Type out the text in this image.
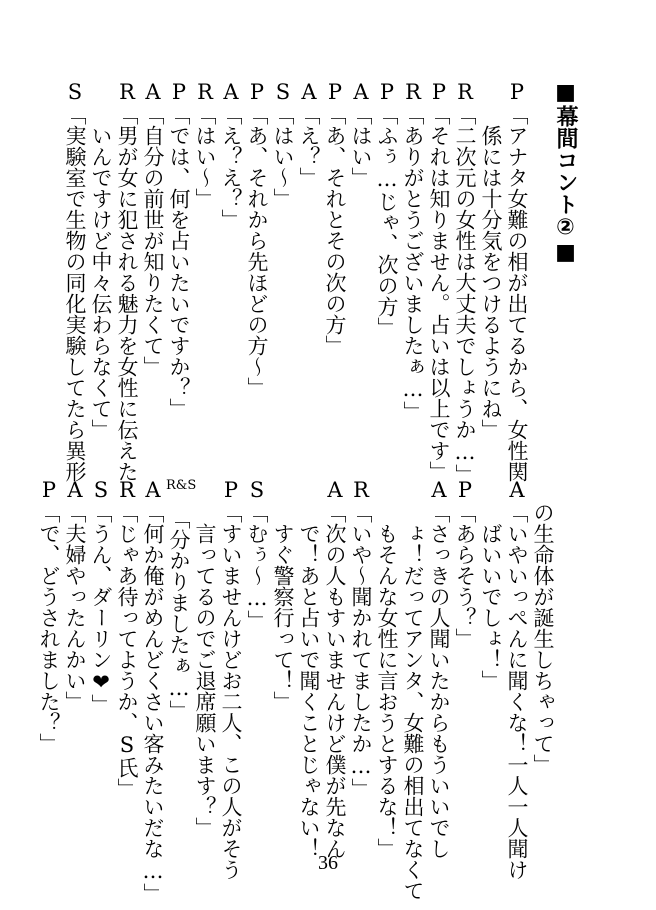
■幕間コント②■
P
「アナタ女難の相が出てるから、女性関
係には十分気をつけるようにね」
R
「二次元の女性は大丈夫でしょうか…」
P
「それは知りません。占いは以上です」
R
「ありがとうございましたぁ…」
P
「ふぅ…じゃ、次の方」
A
「はい」
P
「あ、それとその次の方」
A
「え？」
S
「はい～」
P
「あ、それから先ほどの方～」
A
「え？え？」
R
「はい～」
P
「では、何を占いたいですか？」
A
「自分の前世が知りたくて」
R
「男が女に犯される魅力を女性に伝えた
いんですけど中々伝わらなくて」
S
「実験室で生物の同化実験してたら異形
の生命体が誕生しちゃって」
A
「いやいっぺんに聞くな！一人一人聞け
ばいいでしょ！」
P
「あらそう？」
A
「さっきの人聞いたからもういいでし
ょ！だってアンタ、女難の相出てなくて
もそんな女性に言おうとするな！」
R
「いや～聞かれてましたか…」
A
「次の人もすいませんけど僕が先なん
で！あと占いで聞くことじゃない！
すぐ警察行って！」
S
「むぅ～…」
P
「すいませんけどお二人、この人がそう
言ってるのでご退席願います？」
R&S
「分かりましたぁ…」
A
「何か俺がめんどくさい客みたいだな…」
R
「じゃあ待ってようか、S氏」
S
「うん、ダーリン❤」
A
「夫婦やったんかい」
P
「で、どうされました？」
36
